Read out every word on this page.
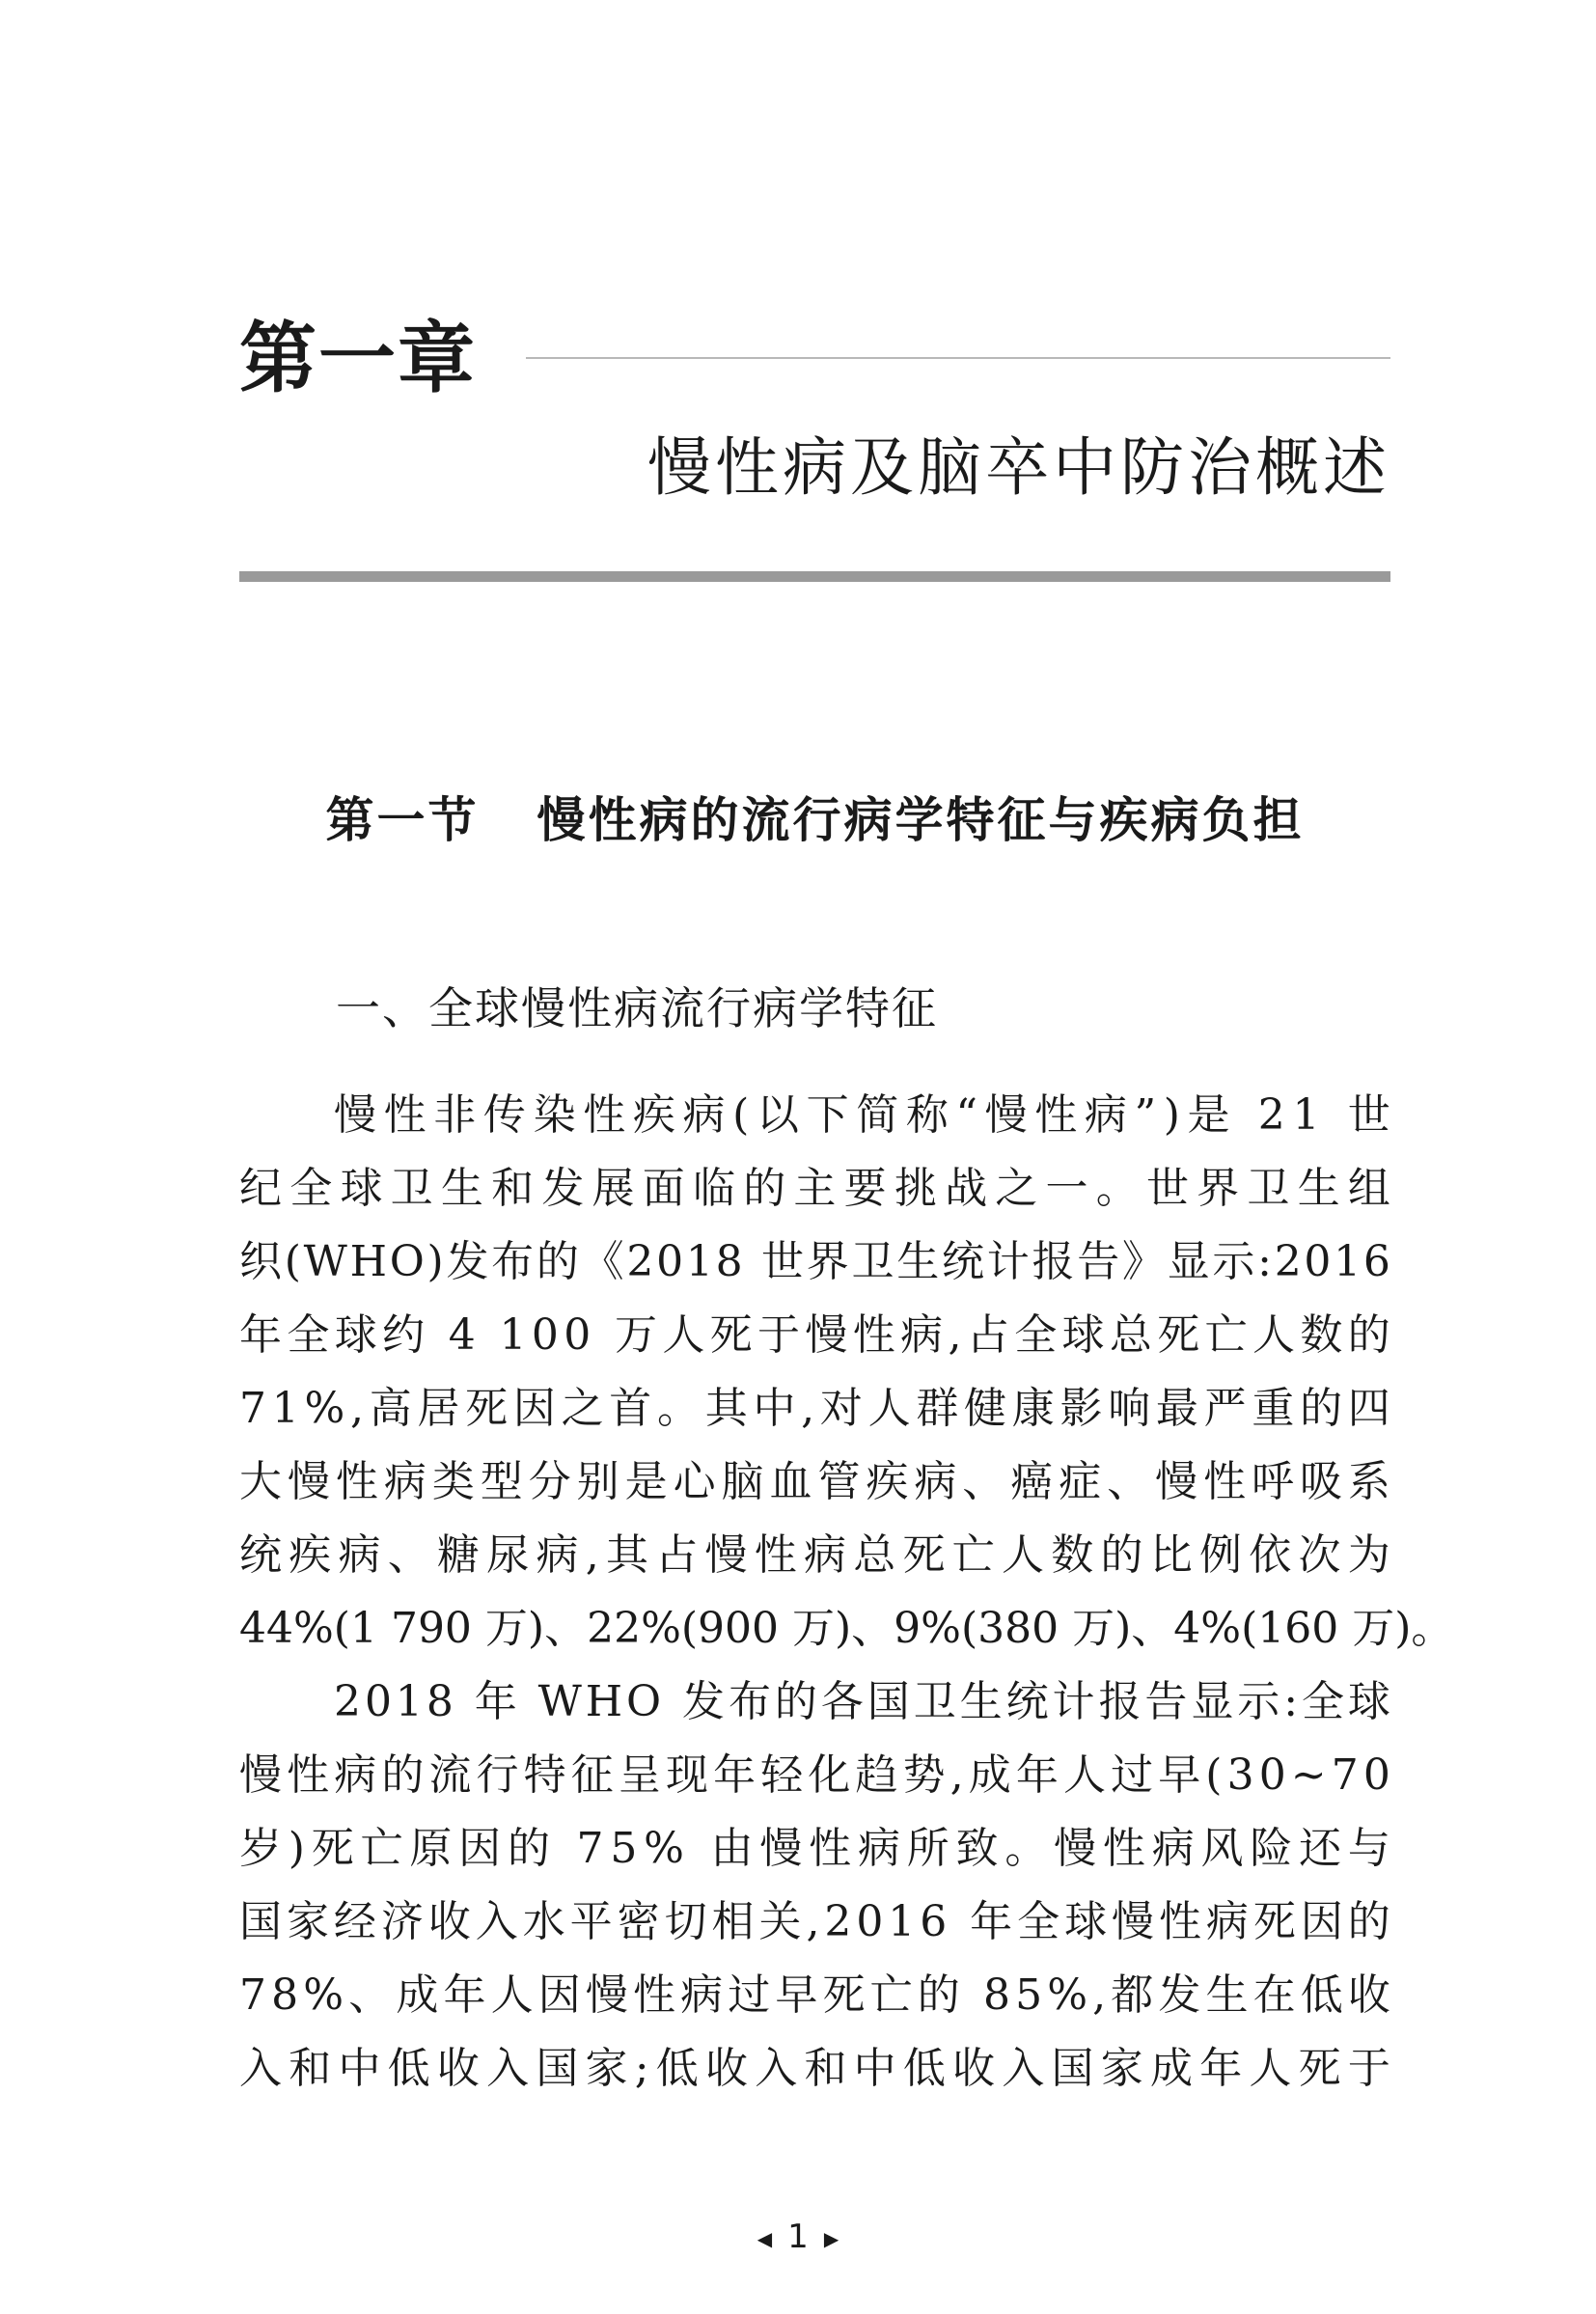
第一章
慢性病及脑卒中防治概述
第一节 慢性病的流行病学特征与疾病负担
一、全球慢性病流行病学特征
慢 性 非 传 染 性 疾 病 ( 以 下 简 称 “ 慢 性 病 ” ) 是
2 1
世
纪 全 球 卫 生 和 发 展 面 临 的 主 要 挑 战 之 一 。 世 界 卫 生 组
织 ( W H O ) 发 布 的 《 2 0 1 8
世 界 卫 生 统 计 报 告 》 显 示 : 2 0 1 6
年 全 球 约
4
1 0 0
万 人 死 于 慢 性 病 , 占 全 球 总 死 亡 人 数 的
7 1 % , 高 居 死 因 之 首 。 其 中 , 对 人 群 健 康 影 响 最 严 重 的 四
大 慢 性 病 类 型 分 别 是 心 脑 血 管 疾 病 、 癌 症 、 慢 性 呼 吸 系
统 疾 病 、 糖 尿 病 , 其 占 慢 性 病 总 死 亡 人 数 的 比 例 依 次 为
44%(1 790 万)、22%(900 万)、9%(380 万)、4%(160 万)。
2 0 1 8
年
W H O
发 布 的 各 国 卫 生 统 计 报 告 显 示 : 全 球
慢 性 病 的 流 行 特 征 呈 现 年 轻 化 趋 势 , 成 年 人 过 早 ( 3 0 ~ 7 0
岁 ) 死 亡 原 因 的
7 5 %
由 慢 性 病 所 致 。 慢 性 病 风 险 还 与
国 家 经 济 收 入 水 平 密 切 相 关 , 2 0 1 6
年 全 球 慢 性 病 死 因 的
7 8 % 、 成 年 人 因 慢 性 病 过 早 死 亡 的
8 5 % , 都 发 生 在 低 收
入 和 中 低 收 入 国 家 ; 低 收 入 和 中 低 收 入 国 家 成 年 人 死 于
◀ 1 ▶
